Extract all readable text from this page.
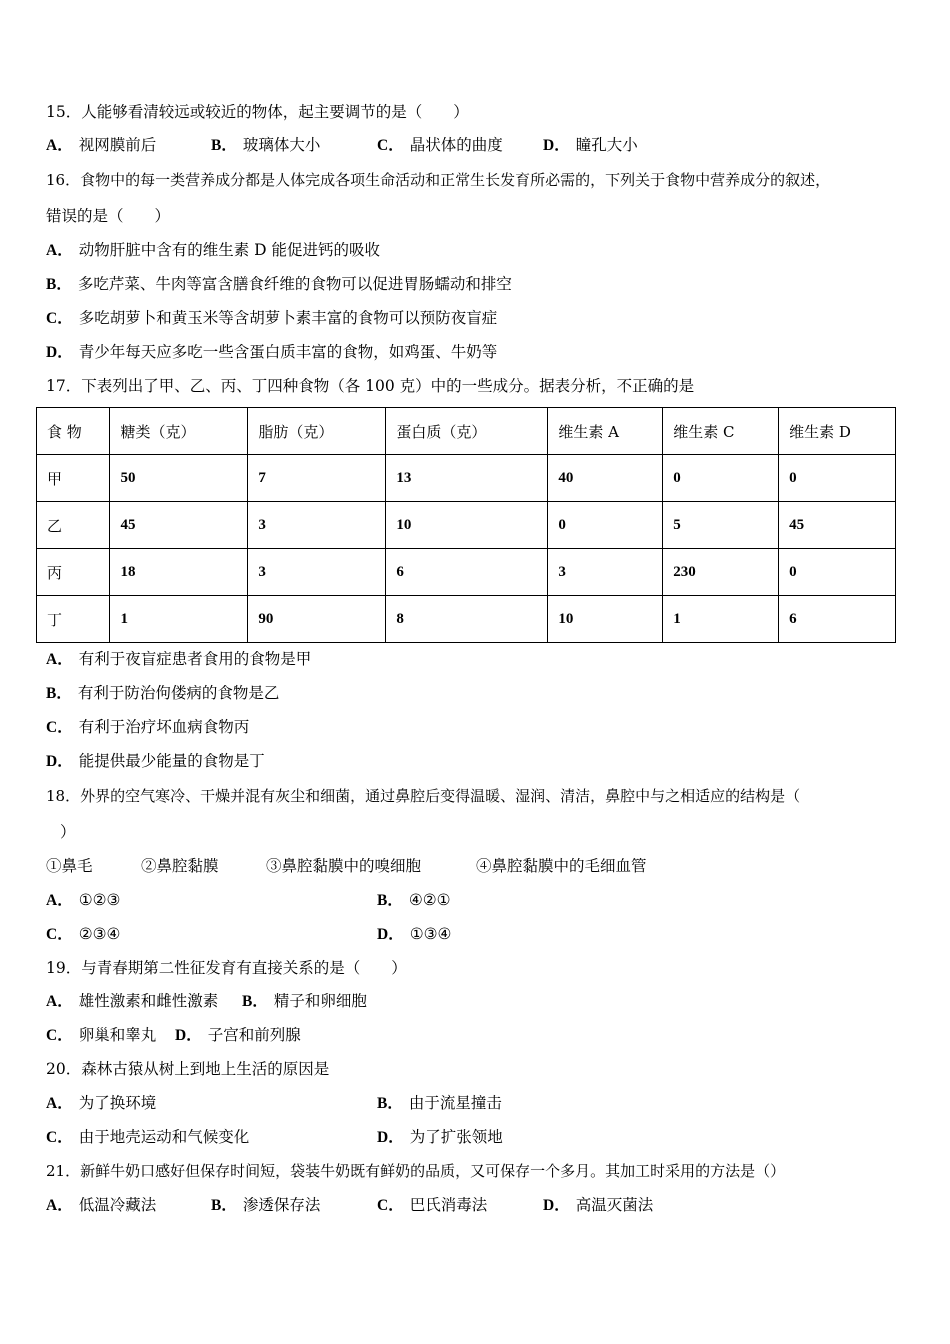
15．人能够看清较远或较近的物体，起主要调节的是（　　）
A． 视网膜前后	B． 玻璃体大小	C． 晶状体的曲度	D． 瞳孔大小
16．食物中的每一类营养成分都是人体完成各项生命活动和正常生长发育所必需的，下列关于食物中营养成分的叙述，
错误的是（　　）
A． 动物肝脏中含有的维生素 D 能促进钙的吸收
B． 多吃芹菜、牛肉等富含膳食纤维的食物可以促进胃肠蠕动和排空
C． 多吃胡萝卜和黄玉米等含胡萝卜素丰富的食物可以预防夜盲症
D． 青少年每天应多吃一些含蛋白质丰富的食物，如鸡蛋、牛奶等
17．下表列出了甲、乙、丙、丁四种食物（各 100 克）中的一些成分。据表分析，不正确的是
食 物	糖类（克）	脂肪（克）	蛋白质（克）	维生素 A	维生素 C	维生素 D
甲	50	7	13	40	0	0
乙	45	3	10	0	5	45
丙	18	3	6	3	230	0
丁	1	90	8	10	1	6
A． 有利于夜盲症患者食用的食物是甲
B． 有利于防治佝偻病的食物是乙
C． 有利于治疗坏血病食物丙
D． 能提供最少能量的食物是丁
18．外界的空气寒冷、干燥并混有灰尘和细菌，通过鼻腔后变得温暖、湿润、清洁，鼻腔中与之相适应的结构是（
）
①鼻毛	②鼻腔黏膜	③鼻腔黏膜中的嗅细胞	④鼻腔黏膜中的毛细血管
A． ①②③	B． ④②①
C． ②③④	D． ①③④
19．与青春期第二性征发育有直接关系的是（　　）
A． 雄性激素和雌性激素 B． 精子和卵细胞
C． 卵巢和睾丸 D． 子宫和前列腺
20．森林古猿从树上到地上生活的原因是
A． 为了换环境	B． 由于流星撞击
C． 由于地壳运动和气候变化	D． 为了扩张领地
21．新鲜牛奶口感好但保存时间短，袋装牛奶既有鲜奶的品质，又可保存一个多月。其加工时采用的方法是（）
A． 低温冷藏法	B． 渗透保存法	C． 巴氏消毒法	D． 高温灭菌法
